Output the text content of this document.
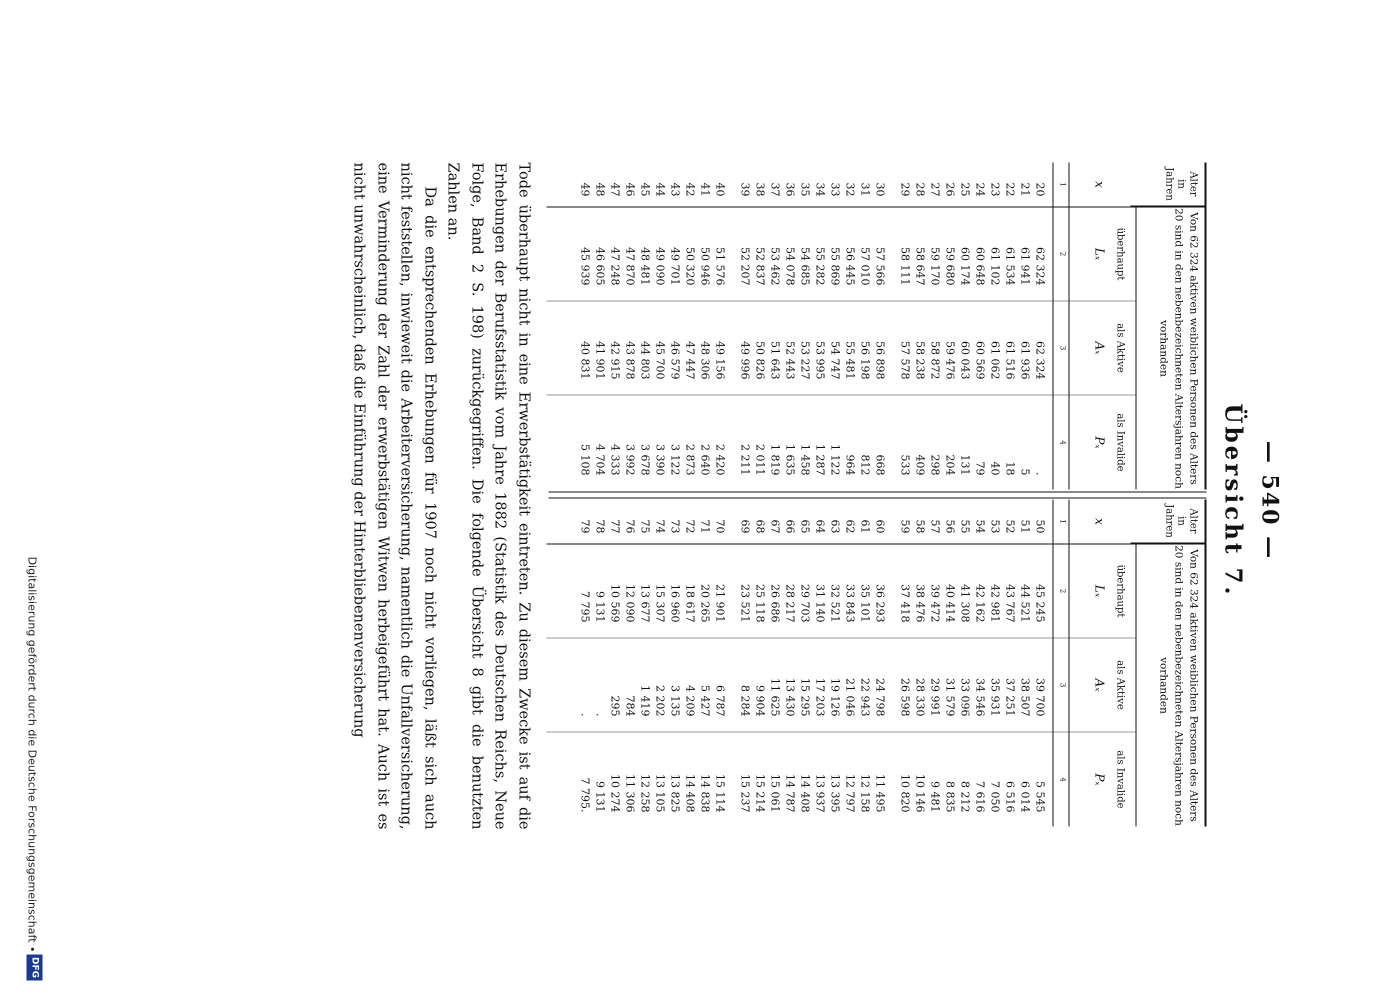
— 540 —
Übersicht 7.
Alter
in
Jahren
Von 62 324 aktiven weiblichen Personen des Alters 20 sind in den nebenbezeichneten Altersjahren noch vorhanden
x
überhaupt
Lₓ
als Aktive
Aₓ
als Invalide
Pₓ
1
2
3
4
20
62 324
62 324
.
21
61 941
61 936
5
22
61 534
61 516
18
23
61 102
61 062
40
24
60 648
60 569
79
25
60 174
60 043
131
26
59 680
59 476
204
27
59 170
58 872
298
28
58 647
58 238
409
29
58 111
57 578
533
30
57 566
56 898
668
31
57 010
56 198
812
32
56 445
55 481
964
33
55 869
54 747
1 122
34
55 282
53 995
1 287
35
54 685
53 227
1 458
36
54 078
52 443
1 635
37
53 462
51 643
1 819
38
52 837
50 826
2 011
39
52 207
49 996
2 211
40
51 576
49 156
2 420
41
50 946
48 306
2 640
42
50 320
47 447
2 873
43
49 701
46 579
3 122
44
49 090
45 700
3 390
45
48 481
44 803
3 678
46
47 870
43 878
3 992
47
47 248
42 915
4 333
48
46 605
41 901
4 704
49
45 939
40 831
5 108
Alter
in
Jahren
Von 62 324 aktiven weiblichen Personen des Alters 20 sind in den nebenbezeichneten Altersjahren noch vorhanden
x
überhaupt
Lₓ
als Aktive
Aₓ
als Invalide
Pₓ
1
2
3
4
50
45 245
39 700
5 545
51
44 521
38 507
6 014
52
43 767
37 251
6 516
53
42 981
35 931
7 050
54
42 162
34 546
7 616
55
41 308
33 096
8 212
56
40 414
31 579
8 835
57
39 472
29 991
9 481
58
38 476
28 330
10 146
59
37 418
26 598
10 820
60
36 293
24 798
11 495
61
35 101
22 943
12 158
62
33 843
21 046
12 797
63
32 521
19 126
13 395
64
31 140
17 203
13 937
65
29 703
15 295
14 408
66
28 217
13 430
14 787
67
26 686
11 625
15 061
68
25 118
9 904
15 214
69
23 521
8 284
15 237
70
21 901
6 787
15 114
71
20 265
5 427
14 838
72
18 617
4 209
14 408
73
16 960
3 135
13 825
74
15 307
2 202
13 105
75
13 677
1 419
12 258
76
12 090
784
11 306
77
10 569
295
10 274
78
9 131
.
9 131
79
7 795
.
7 795.

Tode überhaupt nicht in eine Erwerbstätigkeit eintreten. Zu diesem Zwecke ist auf die Erhebungen der Berufsstatistik vom Jahre 1882 (Statistik des Deutschen Reichs, Neue Folge, Band 2 S. 198) zurückgegriffen. Die folgende Übersicht 8 gibt die benutzten Zahlen an.

Da die entsprechenden Erhebungen für 1907 noch nicht vorliegen, läßt sich auch nicht feststellen, inwieweit die Arbeiterversicherung, namentlich die Unfallversicherung, eine Verminderung der Zahl der erwerbstätigen Witwen herbeigeführt hat. Auch ist es nicht unwahrscheinlich, daß die Einführung der Hinterbliebenenversicherung

Digitalisierung gefördert durch die Deutsche Forschungsgemeinschaft •
DFG
